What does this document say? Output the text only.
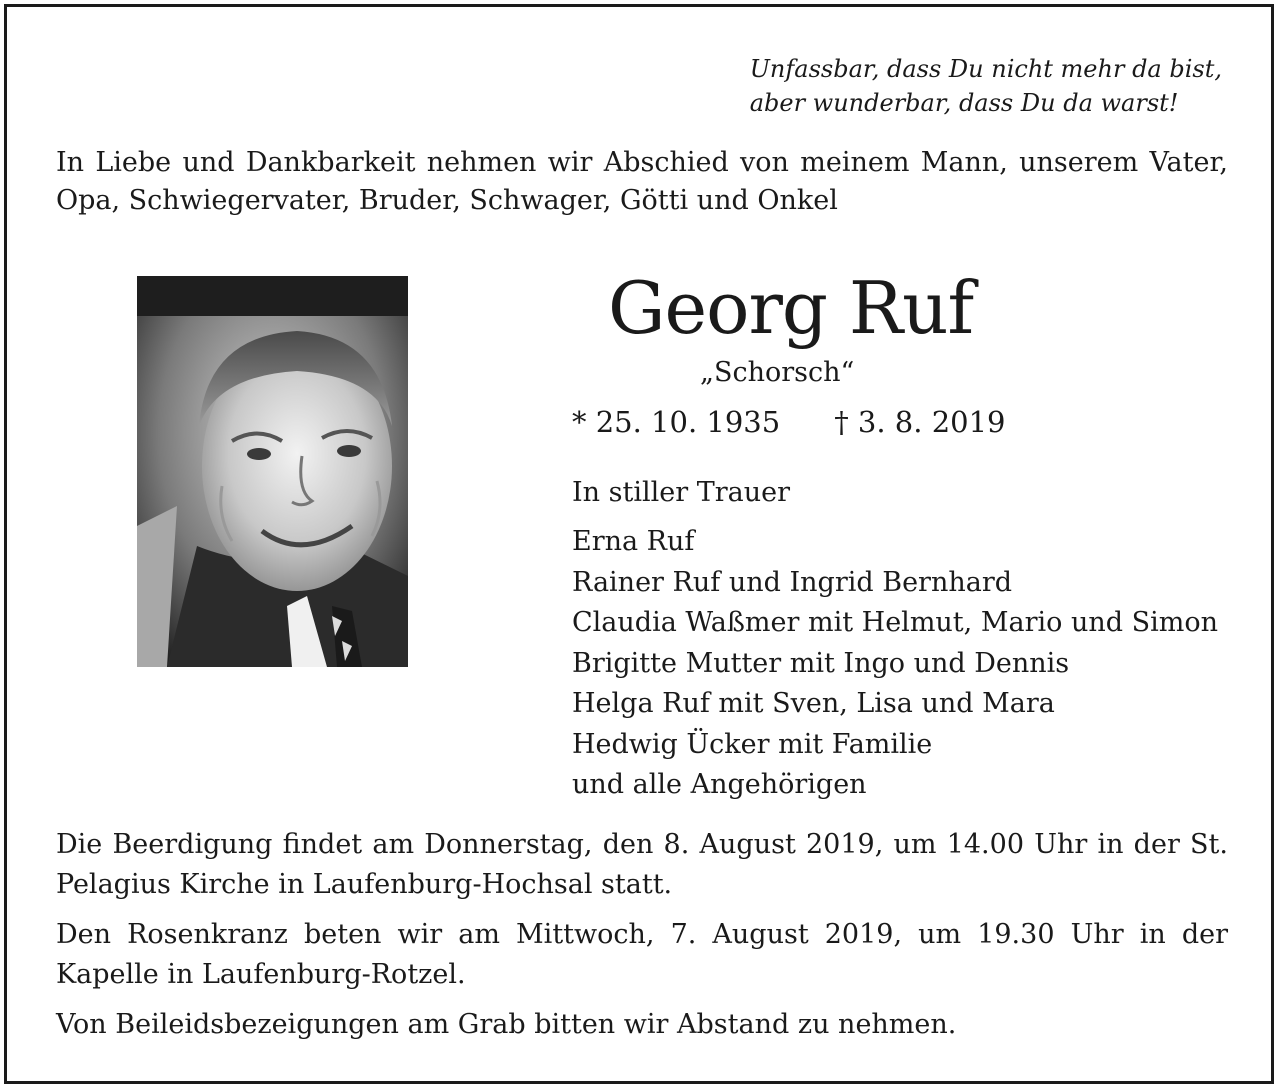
Unfassbar, dass Du nicht mehr da bist,
aber wunderbar, dass Du da warst!
In Liebe und Dankbarkeit nehmen wir Abschied von meinem Mann, unserem Vater, Opa, Schwiegervater, Bruder, Schwager, Götti und Onkel
Georg Ruf
„Schorsch“
* 25. 10. 1935 † 3. 8. 2019
In stiller Trauer
Erna Ruf
Rainer Ruf und Ingrid Bernhard
Claudia Waßmer mit Helmut, Mario und Simon
Brigitte Mutter mit Ingo und Dennis
Helga Ruf mit Sven, Lisa und Mara
Hedwig Ücker mit Familie
und alle Angehörigen

Die Beerdigung findet am Donnerstag, den 8. August 2019, um 14.00 Uhr in der St. Pelagius Kirche in Laufenburg-Hochsal statt.

Den Rosenkranz beten wir am Mittwoch, 7. August 2019, um 19.30 Uhr in der Kapelle in Laufenburg-Rotzel.

Von Beileidsbezeigungen am Grab bitten wir Abstand zu nehmen.
